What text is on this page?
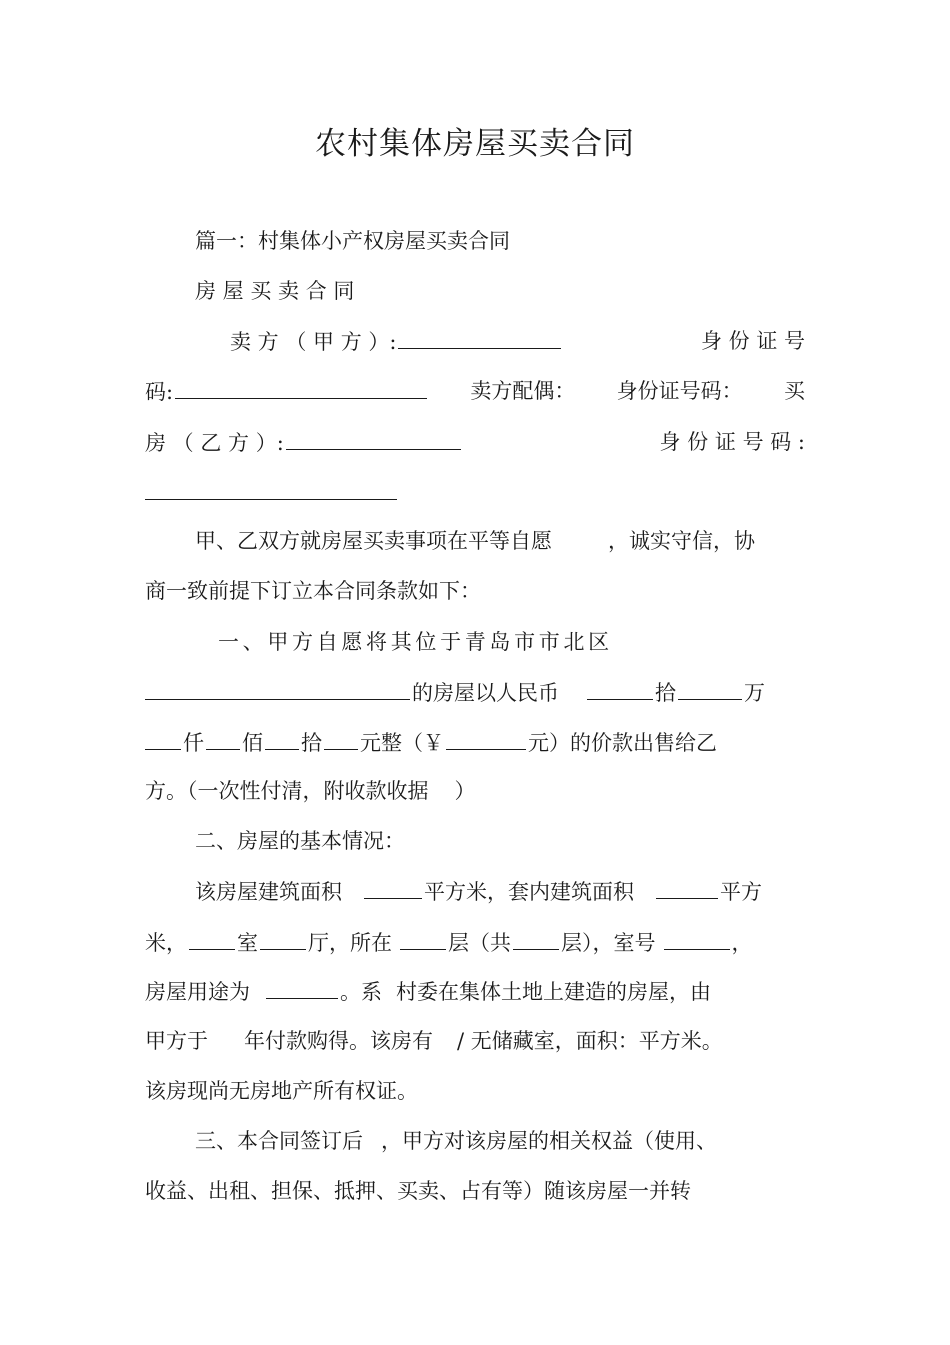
农村集体房屋买卖合同
篇一：村集体小产权房屋买卖合同
房 屋 买 卖 合 同
卖 方 （ 甲 方 ）:	身 份 证 号
码:	卖方配偶： 身份证号码： 买
房 （ 乙 方 ）:	身 份 证 号 码 :
甲、乙双方就房屋买卖事项在平等自愿	，诚实守信，协
商一致前提下订立本合同条款如下：
一 、 甲 方 自 愿 将 其 位 于 青 岛 市 市 北 区
的房屋以人民币	拾	万
仟 佰 拾 元整（￥	元）的价款出售给乙
方。（一次性付清，附收款收据 ）
二、房屋的基本情况：
该房屋建筑面积	平方米，套内建筑面积	平方
米， 室 厅，所在	层（共 层），室号	，
房屋用途为	。系 村委在集体土地上建造的房屋，由
甲方于 年付款购得。该房有 / 无储藏室，面积：平方米。
该房现尚无房地产所有权证。
三、本合同签订后 ，甲方对该房屋的相关权益（使用、
收益、出租、担保、抵押、买卖、占有等）随该房屋一并转
